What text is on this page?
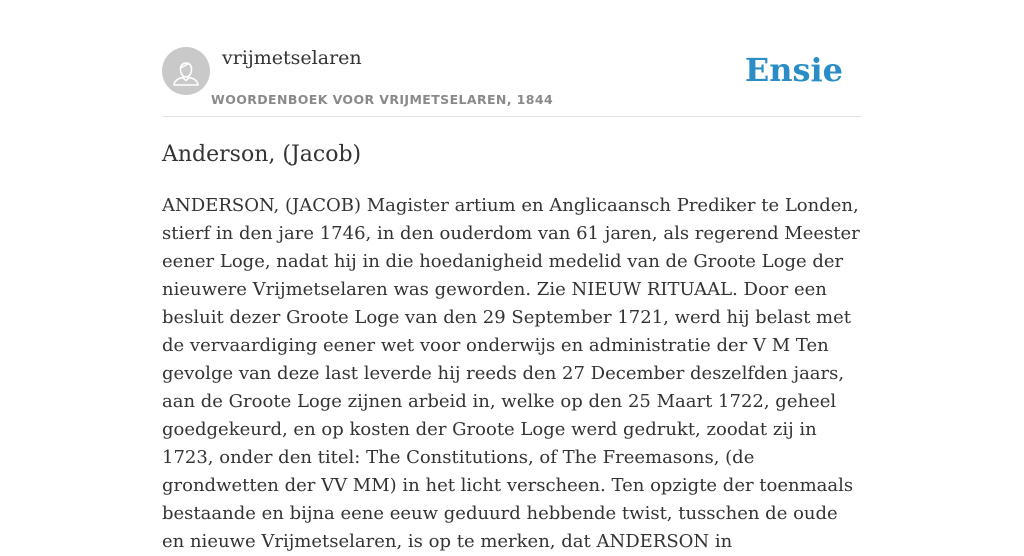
vrijmetselaren
WOORDENBOEK VOOR VRIJMETSELAREN, 1844
Ensie
Anderson, (Jacob)

ANDERSON, (JACOB) Magister artium en Anglicaansch Prediker te Londen, stierf in den jare 1746, in den ouderdom van 61 jaren, als regerend Meester eener Loge, nadat hij in die hoedanigheid medelid van de Groote Loge der nieuwere Vrijmetselaren was geworden. Zie NIEUW RITUAAL. Door een besluit dezer Groote Loge van den 29 September 1721, werd hij belast met de vervaardiging eener wet voor onderwijs en administratie der V M Ten gevolge van deze last leverde hij reeds den 27 December deszelfden jaars, aan de Groote Loge zijnen arbeid in, welke op den 25 Maart 1722, geheel goedgekeurd, en op kosten der Groote Loge werd gedrukt, zoodat zij in 1723, onder den titel: The Constitutions, of The Freemasons, (de grondwetten der VV MM) in het licht verscheen. Ten opzigte der toenmaals bestaande en bijna eene eeuw geduurd hebbende twist, tusschen de oude en nieuwe Vrijmetselaren, is op te merken, dat ANDERSON in
